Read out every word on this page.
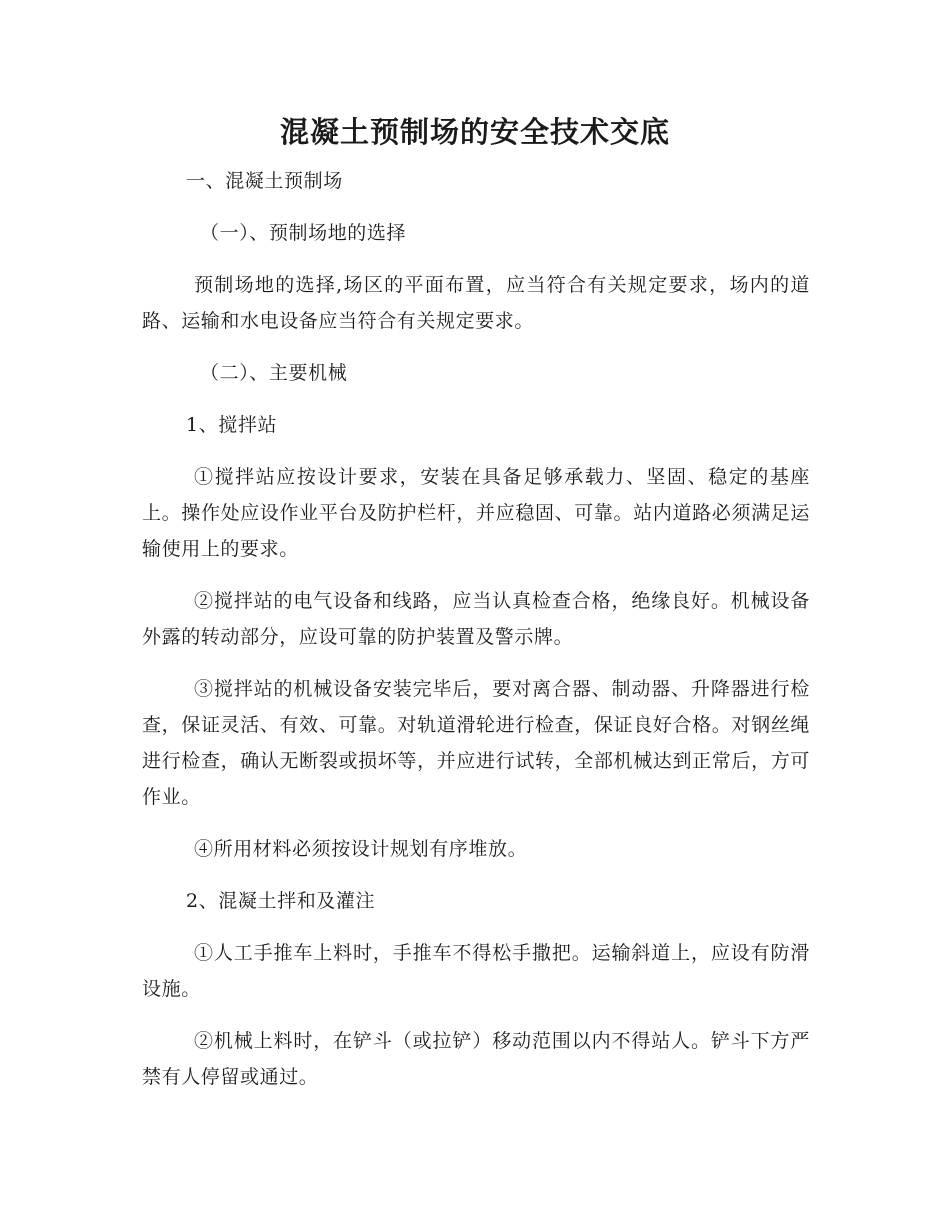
混凝土预制场的安全技术交底

一、混凝土预制场

（一）、预制场地的选择

预制场地的选择,场区的平面布置，应当符合有关规定要求，场内的道路、运输和水电设备应当符合有关规定要求。

（二）、主要机械

1、搅拌站

①搅拌站应按设计要求，安装在具备足够承载力、坚固、稳定的基座上。操作处应设作业平台及防护栏杆，并应稳固、可靠。站内道路必须满足运输使用上的要求。

②搅拌站的电气设备和线路，应当认真检查合格，绝缘良好。机械设备外露的转动部分，应设可靠的防护装置及警示牌。

③搅拌站的机械设备安装完毕后，要对离合器、制动器、升降器进行检查，保证灵活、有效、可靠。对轨道滑轮进行检查，保证良好合格。对钢丝绳进行检查，确认无断裂或损坏等，并应进行试转，全部机械达到正常后，方可作业。

④所用材料必须按设计规划有序堆放。

2、混凝土拌和及灌注

①人工手推车上料时，手推车不得松手撒把。运输斜道上，应设有防滑设施。

②机械上料时，在铲斗（或拉铲）移动范围以内不得站人。铲斗下方严禁有人停留或通过。
